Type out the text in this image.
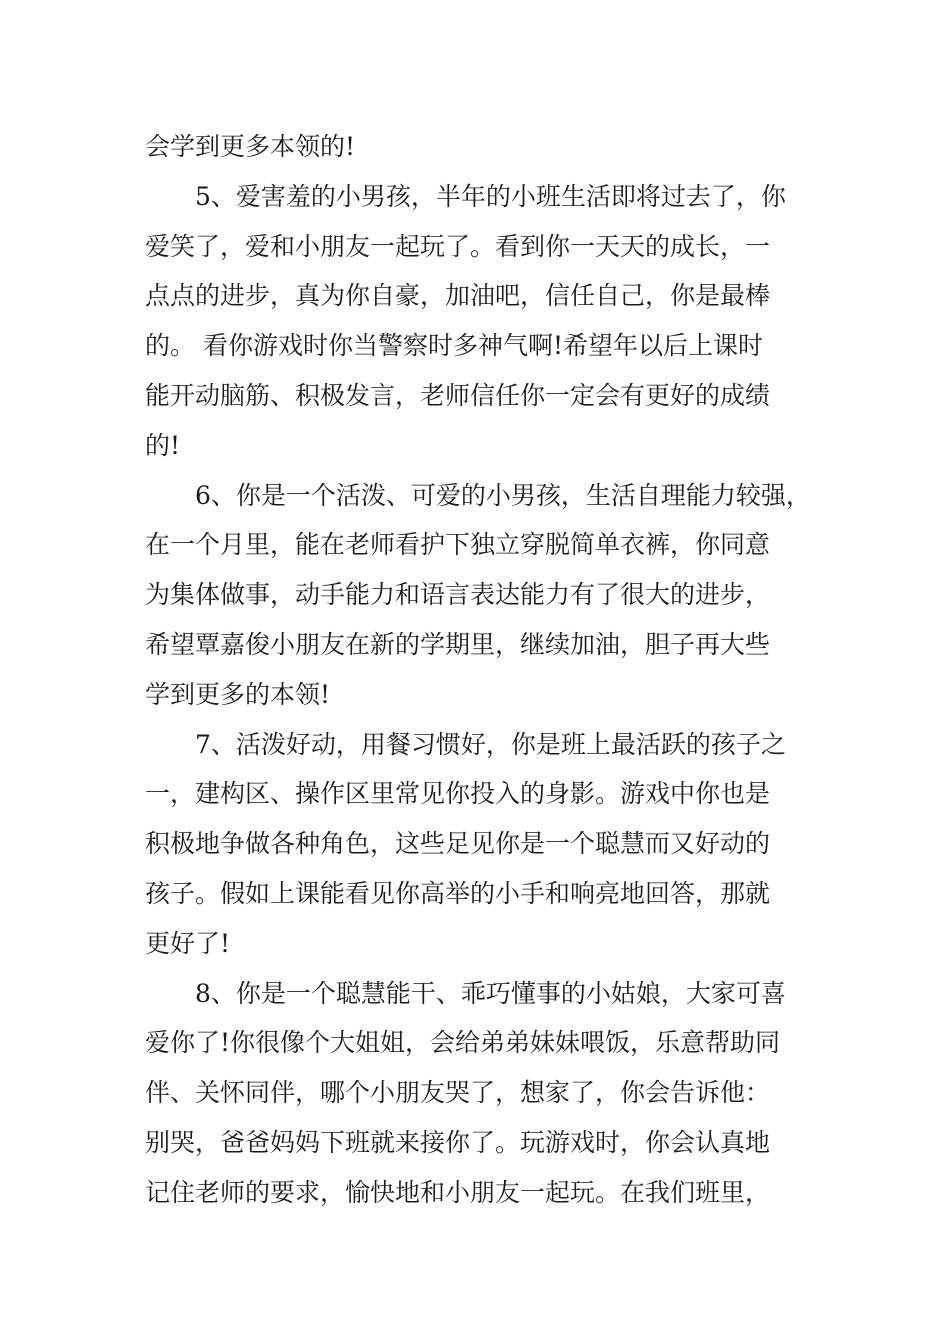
会学到更多本领的!
5、爱害羞的小男孩，半年的小班生活即将过去了，你
爱笑了，爱和小朋友一起玩了。看到你一天天的成长，一
点点的进步，真为你自豪，加油吧，信任自己，你是最棒
的。 看你游戏时你当警察时多神气啊!希望年以后上课时
能开动脑筋、积极发言，老师信任你一定会有更好的成绩
的!
6、你是一个活泼、可爱的小男孩，生活自理能力较强，
在一个月里，能在老师看护下独立穿脱简单衣裤，你同意
为集体做事，动手能力和语言表达能力有了很大的进步，
希望覃嘉俊小朋友在新的学期里，继续加油，胆子再大些
学到更多的本领!
7、活泼好动，用餐习惯好，你是班上最活跃的孩子之
一，建构区、操作区里常见你投入的身影。游戏中你也是
积极地争做各种角色，这些足见你是一个聪慧而又好动的
孩子。假如上课能看见你高举的小手和响亮地回答，那就
更好了!
8、你是一个聪慧能干、乖巧懂事的小姑娘，大家可喜
爱你了!你很像个大姐姐，会给弟弟妹妹喂饭，乐意帮助同
伴、关怀同伴，哪个小朋友哭了，想家了，你会告诉他：
别哭，爸爸妈妈下班就来接你了。玩游戏时，你会认真地
记住老师的要求，愉快地和小朋友一起玩。在我们班里，
